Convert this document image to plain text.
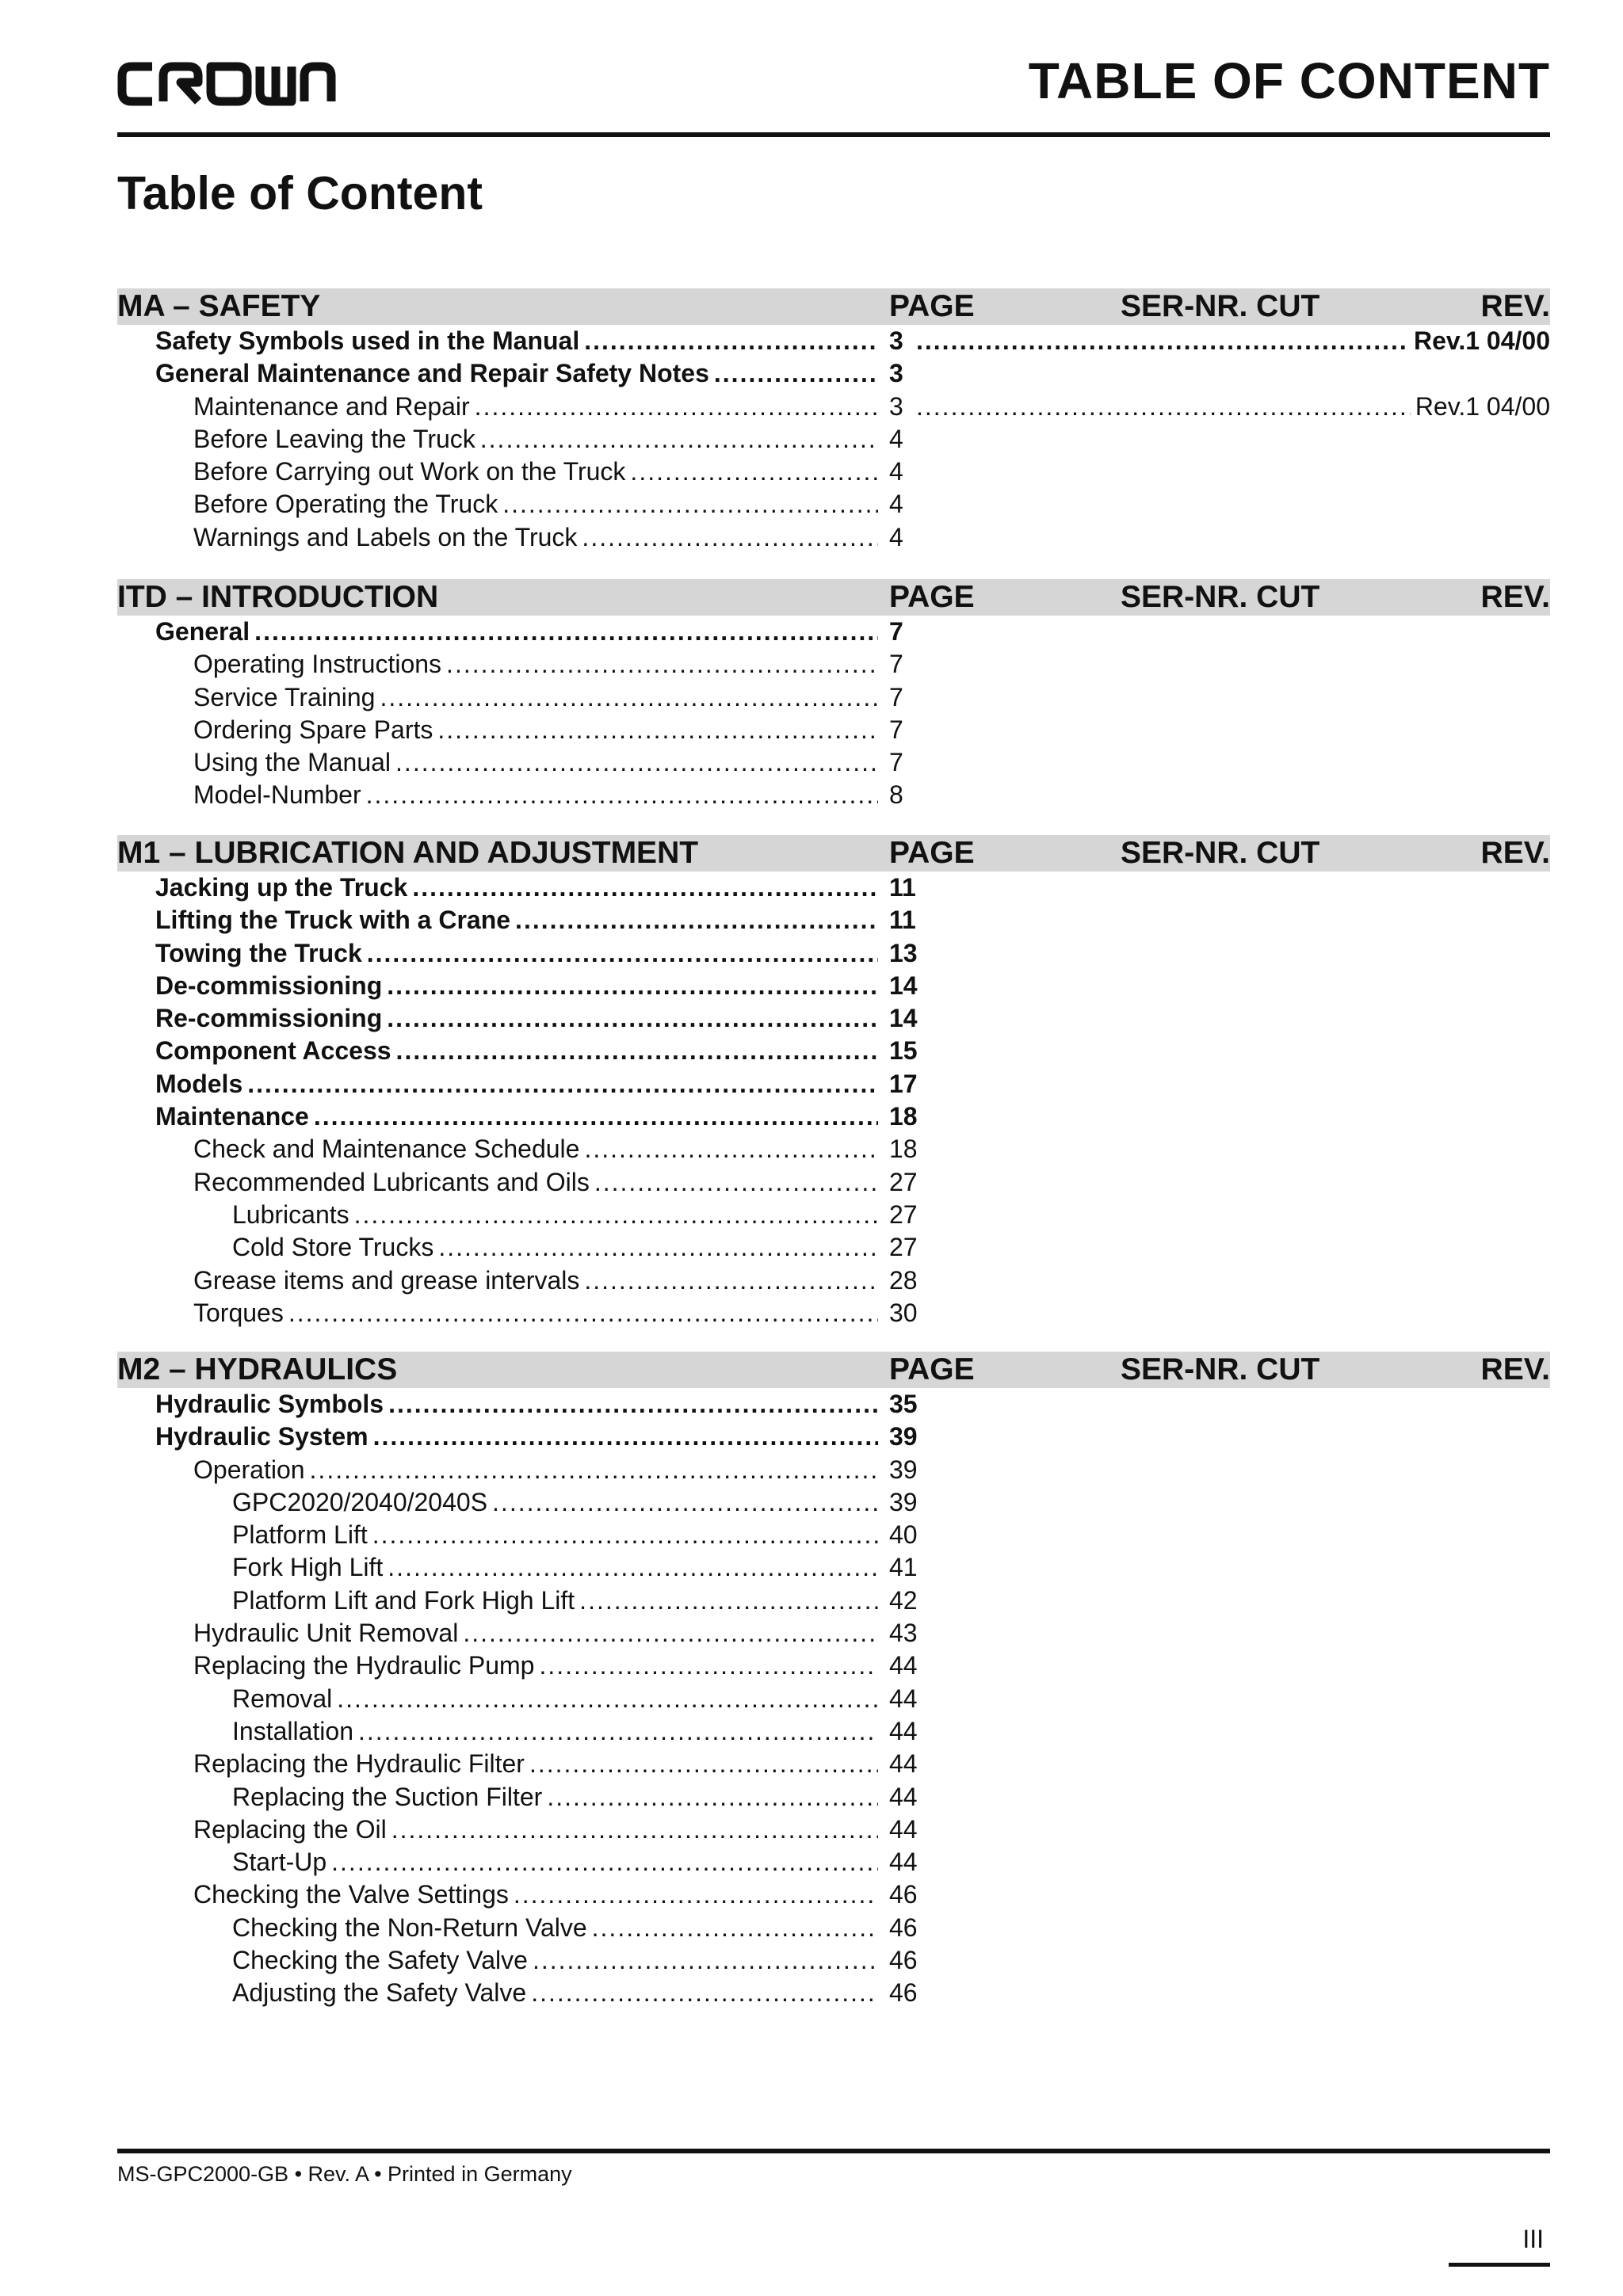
TABLE OF CONTENT
Table of Content
MA – SAFETY	PAGE	SER-NR. CUT	REV.
Safety Symbols used in the Manual .....	3 .....	Rev.1 04/00
General Maintenance and Repair Safety Notes .....	3
Maintenance and Repair .....	3 .....	Rev.1 04/00
Before Leaving the Truck .....	4
Before Carrying out Work on the Truck .....	4
Before Operating the Truck .....	4
Warnings and Labels on the Truck .....	4
ITD – INTRODUCTION	PAGE	SER-NR. CUT	REV.
General .....	7
Operating Instructions .....	7
Service Training .....	7
Ordering Spare Parts .....	7
Using the Manual .....	7
Model-Number .....	8
M1 – LUBRICATION AND ADJUSTMENT	PAGE	SER-NR. CUT	REV.
Jacking up the Truck .....	11
Lifting the Truck with a Crane .....	11
Towing the Truck .....	13
De-commissioning .....	14
Re-commissioning .....	14
Component Access .....	15
Models .....	17
Maintenance .....	18
Check and Maintenance Schedule .....	18
Recommended Lubricants and Oils .....	27
Lubricants .....	27
Cold Store Trucks .....	27
Grease items and grease intervals .....	28
Torques .....	30
M2 – HYDRAULICS	PAGE	SER-NR. CUT	REV.
Hydraulic Symbols .....	35
Hydraulic System .....	39
Operation .....	39
GPC2020/2040/2040S .....	39
Platform Lift .....	40
Fork High Lift .....	41
Platform Lift and Fork High Lift .....	42
Hydraulic Unit Removal .....	43
Replacing the Hydraulic Pump .....	44
Removal .....	44
Installation .....	44
Replacing the Hydraulic Filter .....	44
Replacing the Suction Filter .....	44
Replacing the Oil .....	44
Start-Up .....	44
Checking the Valve Settings .....	46
Checking the Non-Return Valve .....	46
Checking the Safety Valve .....	46
Adjusting the Safety Valve .....	46
MS-GPC2000-GB • Rev. A • Printed in Germany
III
